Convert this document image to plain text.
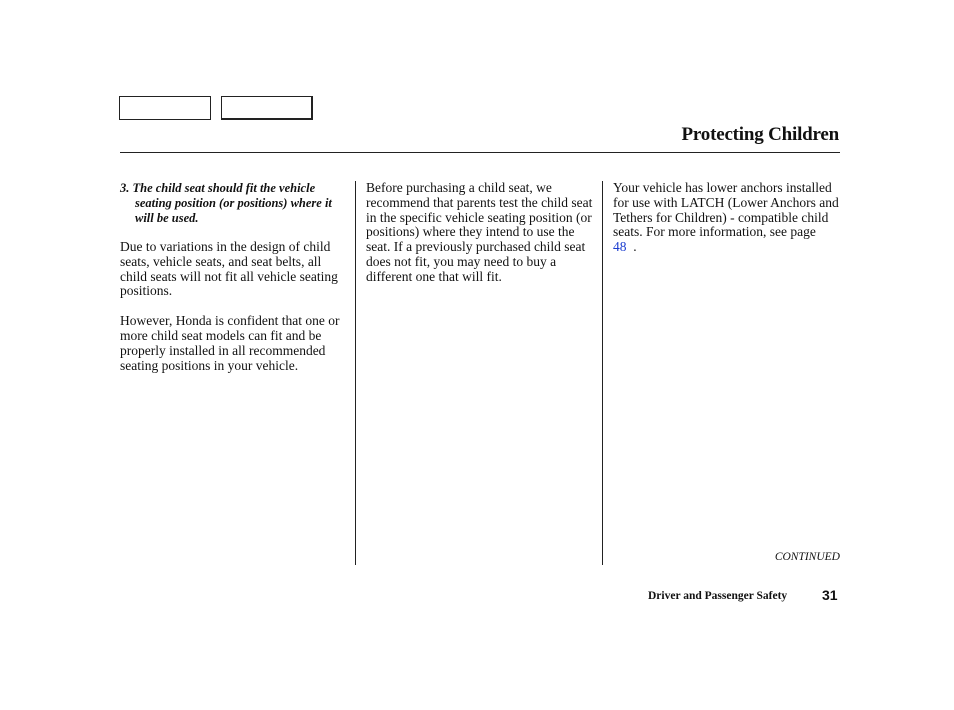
Protecting Children
3. The child seat should fit the vehicle seating position (or positions) where it will be used.

Due to variations in the design of child seats, vehicle seats, and seat belts, all child seats will not fit all vehicle seating positions.

However, Honda is confident that one or more child seat models can fit and be properly installed in all recommended seating positions in your vehicle.

Before purchasing a child seat, we recommend that parents test the child seat in the specific vehicle seating position (or positions) where they intend to use the seat. If a previously purchased child seat does not fit, you may need to buy a different one that will fit.

Your vehicle has lower anchors installed for use with LATCH (Lower Anchors and Tethers for Children) - compatible child seats. For more information, see page  48 .

CONTINUED
Driver and Passenger Safety 31
